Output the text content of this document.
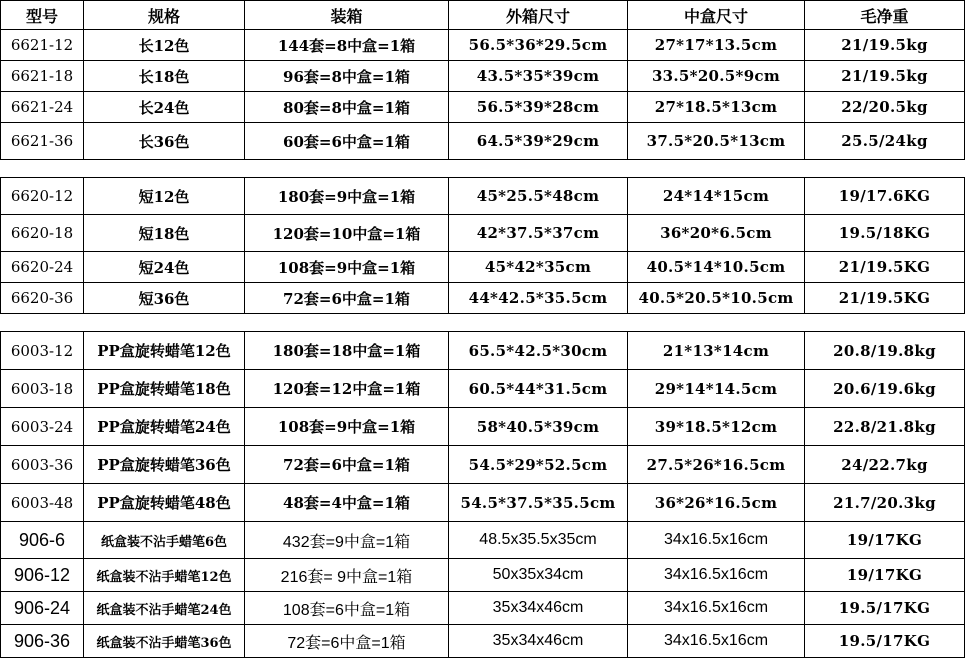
型号	规格	装箱	外箱尺寸	中盒尺寸	毛净重
6621-12	长12色	144套=8中盒=1箱	56.5*36*29.5cm	27*17*13.5cm	21/19.5kg
6621-18	长18色	96套=8中盒=1箱	43.5*35*39cm	33.5*20.5*9cm	21/19.5kg
6621-24	长24色	80套=8中盒=1箱	56.5*39*28cm	27*18.5*13cm	22/20.5kg
6621-36	长36色	60套=6中盒=1箱	64.5*39*29cm	37.5*20.5*13cm	25.5/24kg

6620-12	短12色	180套=9中盒=1箱	45*25.5*48cm	24*14*15cm	19/17.6KG
6620-18	短18色	120套=10中盒=1箱	42*37.5*37cm	36*20*6.5cm	19.5/18KG
6620-24	短24色	108套=9中盒=1箱	45*42*35cm	40.5*14*10.5cm	21/19.5KG
6620-36	短36色	72套=6中盒=1箱	44*42.5*35.5cm	40.5*20.5*10.5cm	21/19.5KG

6003-12	PP盒旋转蜡笔12色	180套=18中盒=1箱	65.5*42.5*30cm	21*13*14cm	20.8/19.8kg
6003-18	PP盒旋转蜡笔18色	120套=12中盒=1箱	60.5*44*31.5cm	29*14*14.5cm	20.6/19.6kg
6003-24	PP盒旋转蜡笔24色	108套=9中盒=1箱	58*40.5*39cm	39*18.5*12cm	22.8/21.8kg
6003-36	PP盒旋转蜡笔36色	72套=6中盒=1箱	54.5*29*52.5cm	27.5*26*16.5cm	24/22.7kg
6003-48	PP盒旋转蜡笔48色	48套=4中盒=1箱	54.5*37.5*35.5cm	36*26*16.5cm	21.7/20.3kg
906-6	纸盒装不沾手蜡笔6色	432套=9中盒=1箱	48.5x35.5x35cm	34x16.5x16cm	19/17KG
906-12	纸盒装不沾手蜡笔12色	216套= 9中盒=1箱	50x35x34cm	34x16.5x16cm	19/17KG
906-24	纸盒装不沾手蜡笔24色	108套=6中盒=1箱	35x34x46cm	34x16.5x16cm	19.5/17KG
906-36	纸盒装不沾手蜡笔36色	72套=6中盒=1箱	35x34x46cm	34x16.5x16cm	19.5/17KG
